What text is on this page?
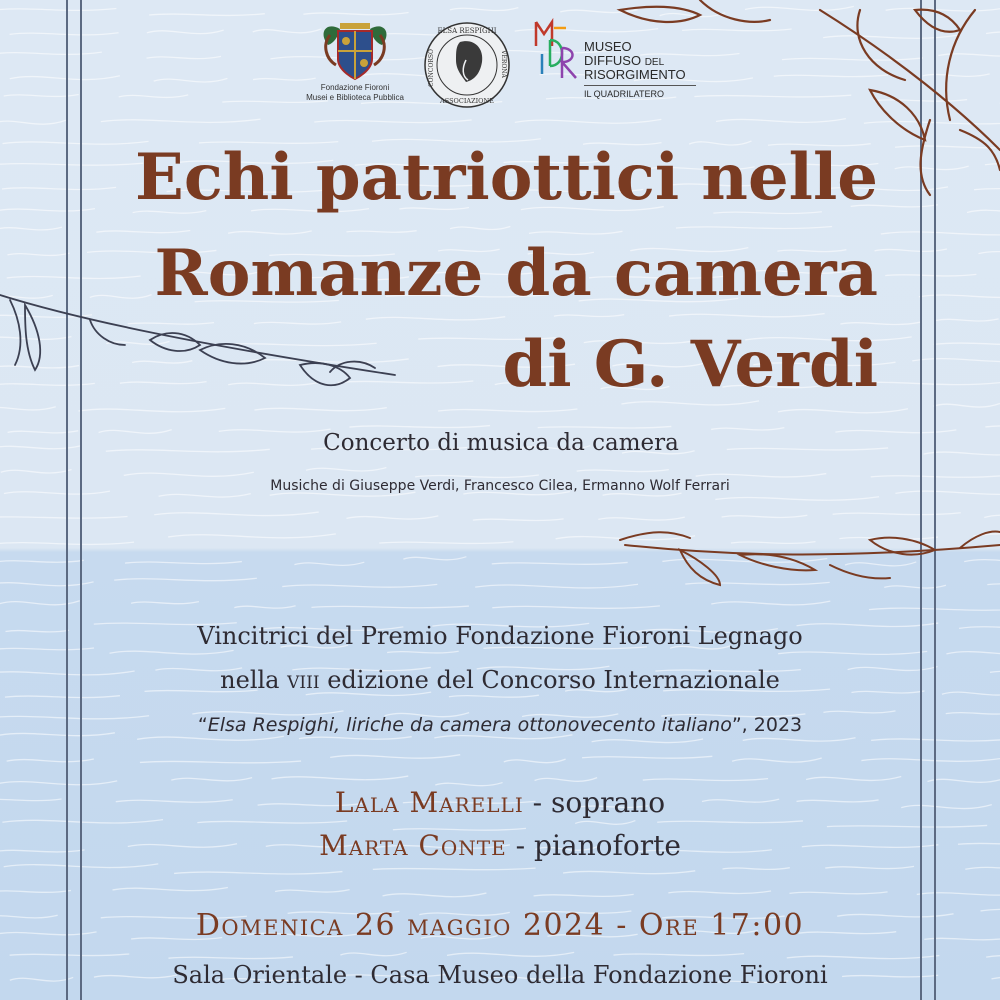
Fondazione Fioroni
Musei e Biblioteca Pubblica
ELSA RESPIGHI
CONCORSO	VERONA
ASSOCIAZIONE
MUSEO
DIFFUSO DEL
RISORGIMENTO
IL QUADRILATERO
Echi patriottici nelle
Romanze da camera
di G. Verdi
Concerto di musica da camera
Musiche di Giuseppe Verdi, Francesco Cilea, Ermanno Wolf Ferrari
Vincitrici del Premio Fondazione Fioroni Legnago
nella viii edizione del Concorso Internazionale
“Elsa Respighi, liriche da camera ottonovecento italiano”, 2023
Lala Marelli - soprano
Marta Conte - pianoforte
Domenica 26 maggio 2024 - Ore 17:00
Sala Orientale - Casa Museo della Fondazione Fioroni
